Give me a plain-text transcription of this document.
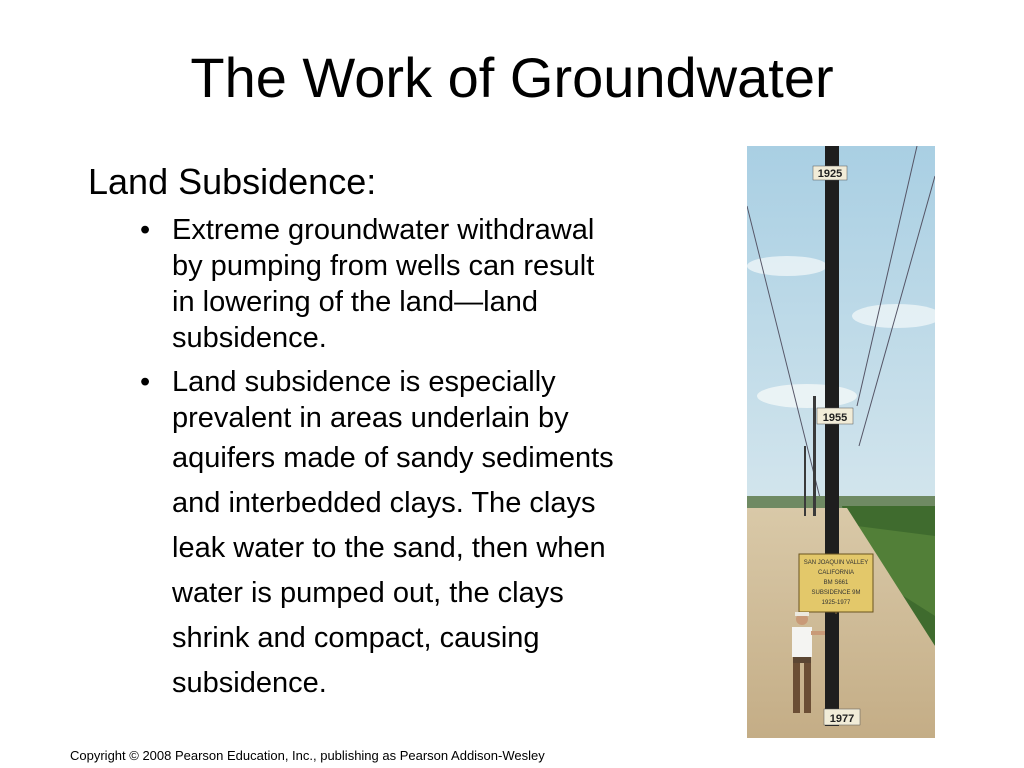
The Work of Groundwater
Land Subsidence:
• Extreme groundwater withdrawal
by pumping from wells can result
in lowering of the land—land
subsidence.
• Land subsidence is especially
prevalent in areas underlain by
aquifers made of sandy sediments
and interbedded clays. The clays
leak water to the sand, then when
water is pumped out, the clays
shrink and compact, causing
subsidence.
1925
1955
1977
SAN JOAQUIN VALLEY
CALIFORNIA
BM S661
SUBSIDENCE 9M
1925-1977
Copyright © 2008 Pearson Education, Inc., publishing as Pearson Addison-Wesley
